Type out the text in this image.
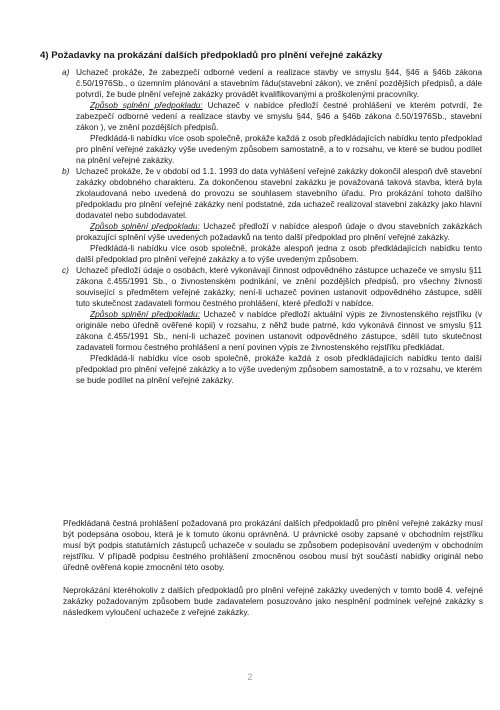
4) Požadavky na prokázání dalších předpokladů pro plnění veřejné zakázky
a) Uchazeč prokáže, že zabezpečí odborné vedení a realizace stavby ve smyslu §44, §46 a §46b zákona č.50/1976Sb., o územním plánování a stavebním řádu(stavební zákon), ve znění pozdějších předpisů, a dále potvrdí, že bude plnění veřejné zakázky provádět kvalifikovanými a proškolenými pracovníky.
Způsob splnění předpokladu: Uchazeč v nabídce předloží čestné prohlášení ve kterém potvrdí, že zabezpečí odborné vedení a realizace stavby ve smyslu §44, §46 a §46b zákona č.50/1976Sb., stavební zákon ), ve znění pozdějších předpisů.
Předkládá-li nabídku více osob společně, prokáže každá z osob předkládajících nabídku tento předpoklad pro plnění veřejné zakázky výše uvedeným způsobem samostatně, a to v rozsahu, ve které se budou podílet na plnění veřejné zakázky.
b) Uchazeč prokáže, že v období od 1.1. 1993 do data vyhlášení veřejné zakázky dokončil alespoň dvě stavební zakázky obdobného charakteru. Za dokončenou stavební zakázku je považovaná taková stavba, která byla zkolaudovaná nebo uvedená do provozu se souhlasem stavebního úřadu. Pro prokázání tohoto dalšího předpokladu pro plnění veřejné zakázky není podstatné, zda uchazeč realizoval stavební zakázky jako hlavní dodavatel nebo subdodavatel.
Způsob splnění předpokladu: Uchazeč předloží v nabídce alespoň údaje o dvou stavebních zakázkách prokazující splnění výše uvedených požadavků na tento další předpoklad pro plnění veřejné zakázky.
Předkládá-li nabídku více osob společně, prokáže alespoň jedna z osob předkládajících nabídku tento další předpoklad pro plnění veřejné zakázky a to výše uvedeným způsobem.
c) Uchazeč předloží údaje o osobách, které vykonávají činnost odpovědného zástupce uchazeče ve smyslu §11 zákona č.455/1991 Sb., o živnostenském podnikání, ve znění pozdějších předpisů, pro všechny živnosti související s předmětem veřejné zakázky, není-li uchazeč povinen ustanovit odpovědného zástupce, sdělí tuto skutečnost zadavateli formou čestného prohlášení, které předloží v nabídce.
Způsob splnění předpokladu: Uchazeč v nabídce předloží aktuální výpis ze živnostenského rejstříku (v originále nebo úředně ověřené kopii) v rozsahu, z něhž bude patrné, kdo vykonává činnost ve smyslu §11 zákona č.455/1991 Sb., není-li uchazeč povinen ustanovit odpovědného zástupce, sdělí tuto skutečnost zadavateli formou čestného prohlášení a není povinen výpis ze živnostenského rejstříku předkládat.
Předkládá-li nabídku více osob společně, prokáže každá z osob předkládajících nabídku tento další předpoklad pro plnění veřejné zakázky a to výše uvedeným způsobem samostatně, a to v rozsahu, ve kterém se bude podílet na plnění veřejné zakázky.

Předkládaná čestná prohlášení požadovaná pro prokázání dalších předpokladů pro plnění veřejné zakázky musí být podepsána osobou, která je k tomuto úkonu oprávněná. U právnické osoby zapsané v obchodním rejstříku musí být podpis statutárních zástupců uchazeče v souladu se způsobem podepisování uvedeným v obchodním rejstříku. V případě podpisu čestného prohlášení zmocněnou osobou musí být součástí nabídky originál nebo úředně ověřená kopie zmocnění této osoby.

Neprokázání kteréhokoliv z dalších předpokladů pro plnění veřejné zakázky uvedených v tomto bodě 4. veřejné zakázky požadovaným způsobem bude zadavatelem posuzováno jako nesplnění podmínek veřejné zakázky s následkem vyloučení uchazeče z veřejné zakázky.

2
